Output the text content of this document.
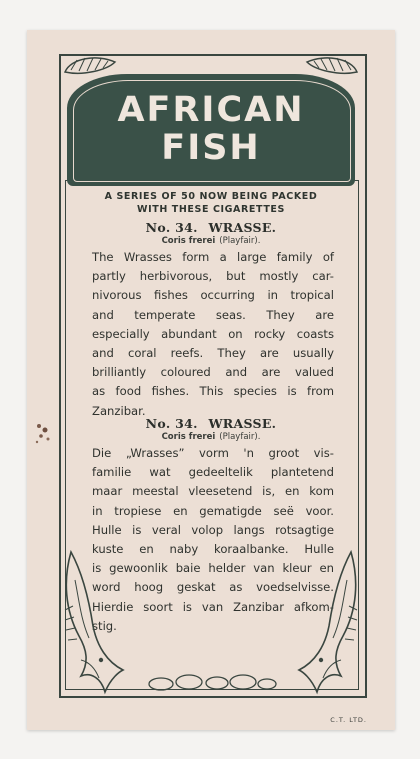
AFRICAN
FISH
A SERIES OF 50 NOW BEING PACKED
WITH THESE CIGARETTES
No. 34. WRASSE.
Coris frerei (Playfair).
The Wrasses form a large family of
partly herbivorous, but mostly car-
nivorous fishes occurring in tropical
and temperate seas. They are
especially abundant on rocky coasts
and coral reefs. They are usually
brilliantly coloured and are valued
as food fishes. This species is from
Zanzibar.
No. 34. WRASSE.
Coris frerei (Playfair).
Die „Wrasses” vorm 'n groot vis-
familie wat gedeeltelik plantetend
maar meestal vleesetend is, en kom
in tropiese en gematigde seë voor.
Hulle is veral volop langs rotsagtige
kuste en naby koraalbanke. Hulle
is gewoonlik baie helder van kleur en
word hoog geskat as voedselvisse.
Hierdie soort is van Zanzibar afkom-
stig.
C.T. LTD.
